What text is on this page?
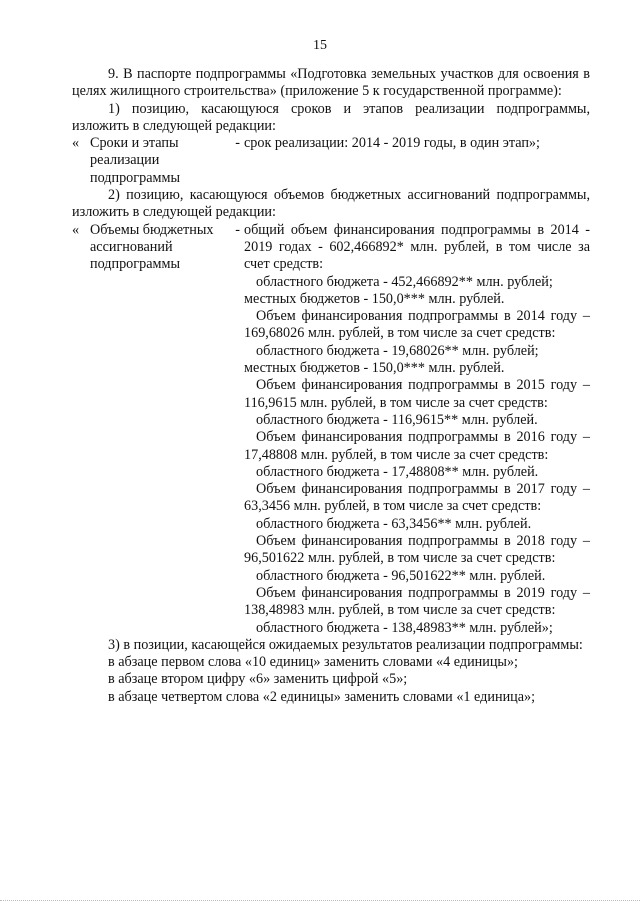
15

9. В паспорте подпрограммы «Подготовка земельных участков для освоения в целях жилищного строительства» (приложение 5 к государственной программе):

1) позицию, касающуюся сроков и этапов реализации подпрограммы, изложить в следующей редакции:

« Сроки и этапы реализации подпрограммы
- срок реализации: 2014 - 2019 годы, в один этап»;

2) позицию, касающуюся объемов бюджетных ассигнований подпрограммы, изложить в следующей редакции:

« Объемы бюджетных ассигнований подпрограммы
- общий объем финансирования подпрограммы в 2014 - 2019 годах - 602,466892* млн. рублей, в том числе за счет средств:

областного бюджета - 452,466892** млн. рублей;

местных бюджетов - 150,0*** млн. рублей.

Объем финансирования подпрограммы в 2014 году – 169,68026 млн. рублей, в том числе за счет средств:

областного бюджета - 19,68026** млн. рублей;

местных бюджетов - 150,0*** млн. рублей.

Объем финансирования подпрограммы в 2015 году – 116,9615 млн. рублей, в том числе за счет средств:

областного бюджета - 116,9615** млн. рублей.

Объем финансирования подпрограммы в 2016 году – 17,48808 млн. рублей, в том числе за счет средств:

областного бюджета - 17,48808** млн. рублей.

Объем финансирования подпрограммы в 2017 году – 63,3456 млн. рублей, в том числе за счет средств:

областного бюджета - 63,3456** млн. рублей.

Объем финансирования подпрограммы в 2018 году – 96,501622 млн. рублей, в том числе за счет средств:

областного бюджета - 96,501622** млн. рублей.

Объем финансирования подпрограммы в 2019 году – 138,48983 млн. рублей, в том числе за счет средств:

областного бюджета - 138,48983** млн. рублей»;

3) в позиции, касающейся ожидаемых результатов реализации подпрограммы:

в абзаце первом слова «10 единиц» заменить словами «4 единицы»;

в абзаце втором цифру «6» заменить цифрой «5»;

в абзаце четвертом слова «2 единицы» заменить словами «1 единица»;
